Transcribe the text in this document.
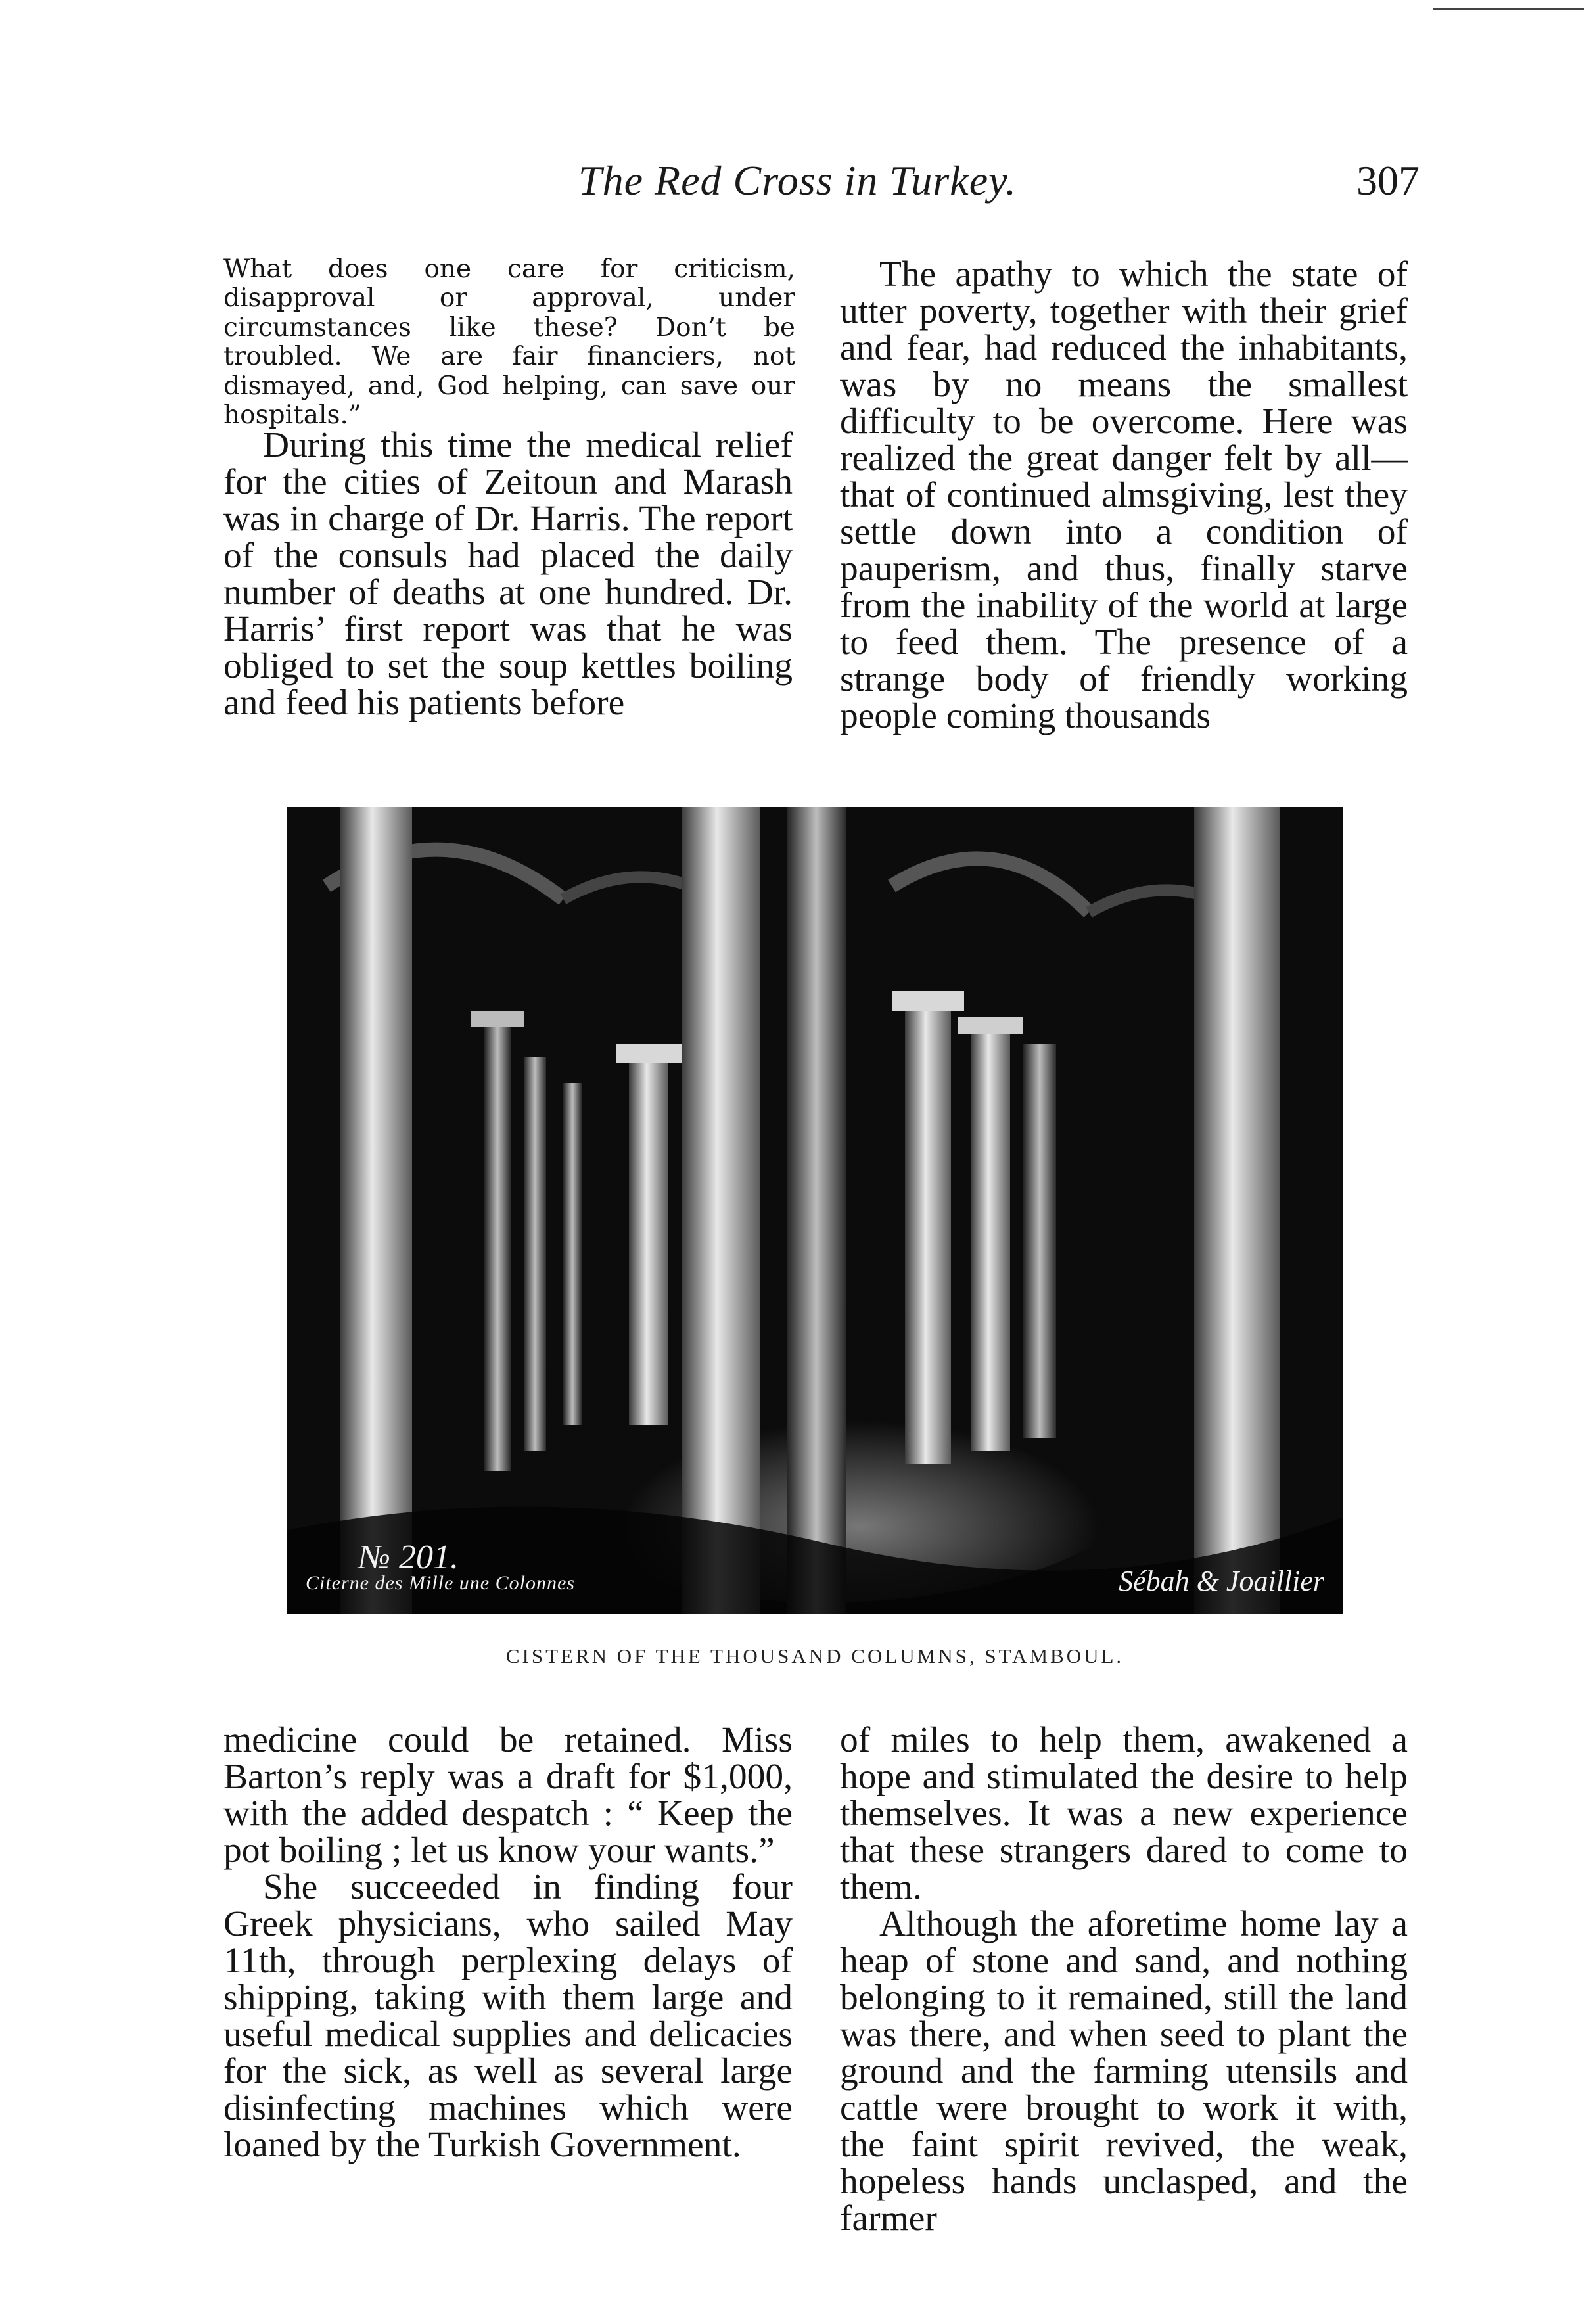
The Red Cross in Turkey.	307

What does one care for criticism, disapproval or approval, under circumstances like these? Don’t be troubled. We are fair financiers, not dismayed, and, God helping, can save our hospitals.”

During this time the medical relief for the cities of Zeitoun and Marash was in charge of Dr. Harris. The report of the consuls had placed the daily number of deaths at one hundred. Dr. Harris’ first report was that he was obliged to set the soup kettles boiling and feed his patients before

The apathy to which the state of utter poverty, together with their grief and fear, had reduced the inhabitants, was by no means the smallest difficulty to be overcome. Here was realized the great danger felt by all—that of continued almsgiving, lest they settle down into a condition of pauperism, and thus, finally starve from the inability of the world at large to feed them. The presence of a strange body of friendly working people coming thousands

№ 201.
Citerne des Mille une Colonnes	Sébah & Joaillier
CISTERN OF THE THOUSAND COLUMNS, STAMBOUL.

medicine could be retained. Miss Barton’s reply was a draft for $1,000, with the added despatch : “ Keep the pot boiling ; let us know your wants.”

She succeeded in finding four Greek physicians, who sailed May 11th, through perplexing delays of shipping, taking with them large and useful medical supplies and delicacies for the sick, as well as several large disinfecting machines which were loaned by the Turkish Government.

of miles to help them, awakened a hope and stimulated the desire to help themselves. It was a new experience that these strangers dared to come to them.

Although the aforetime home lay a heap of stone and sand, and nothing belonging to it remained, still the land was there, and when seed to plant the ground and the farming utensils and cattle were brought to work it with, the faint spirit revived, the weak, hopeless hands unclasped, and the farmer
